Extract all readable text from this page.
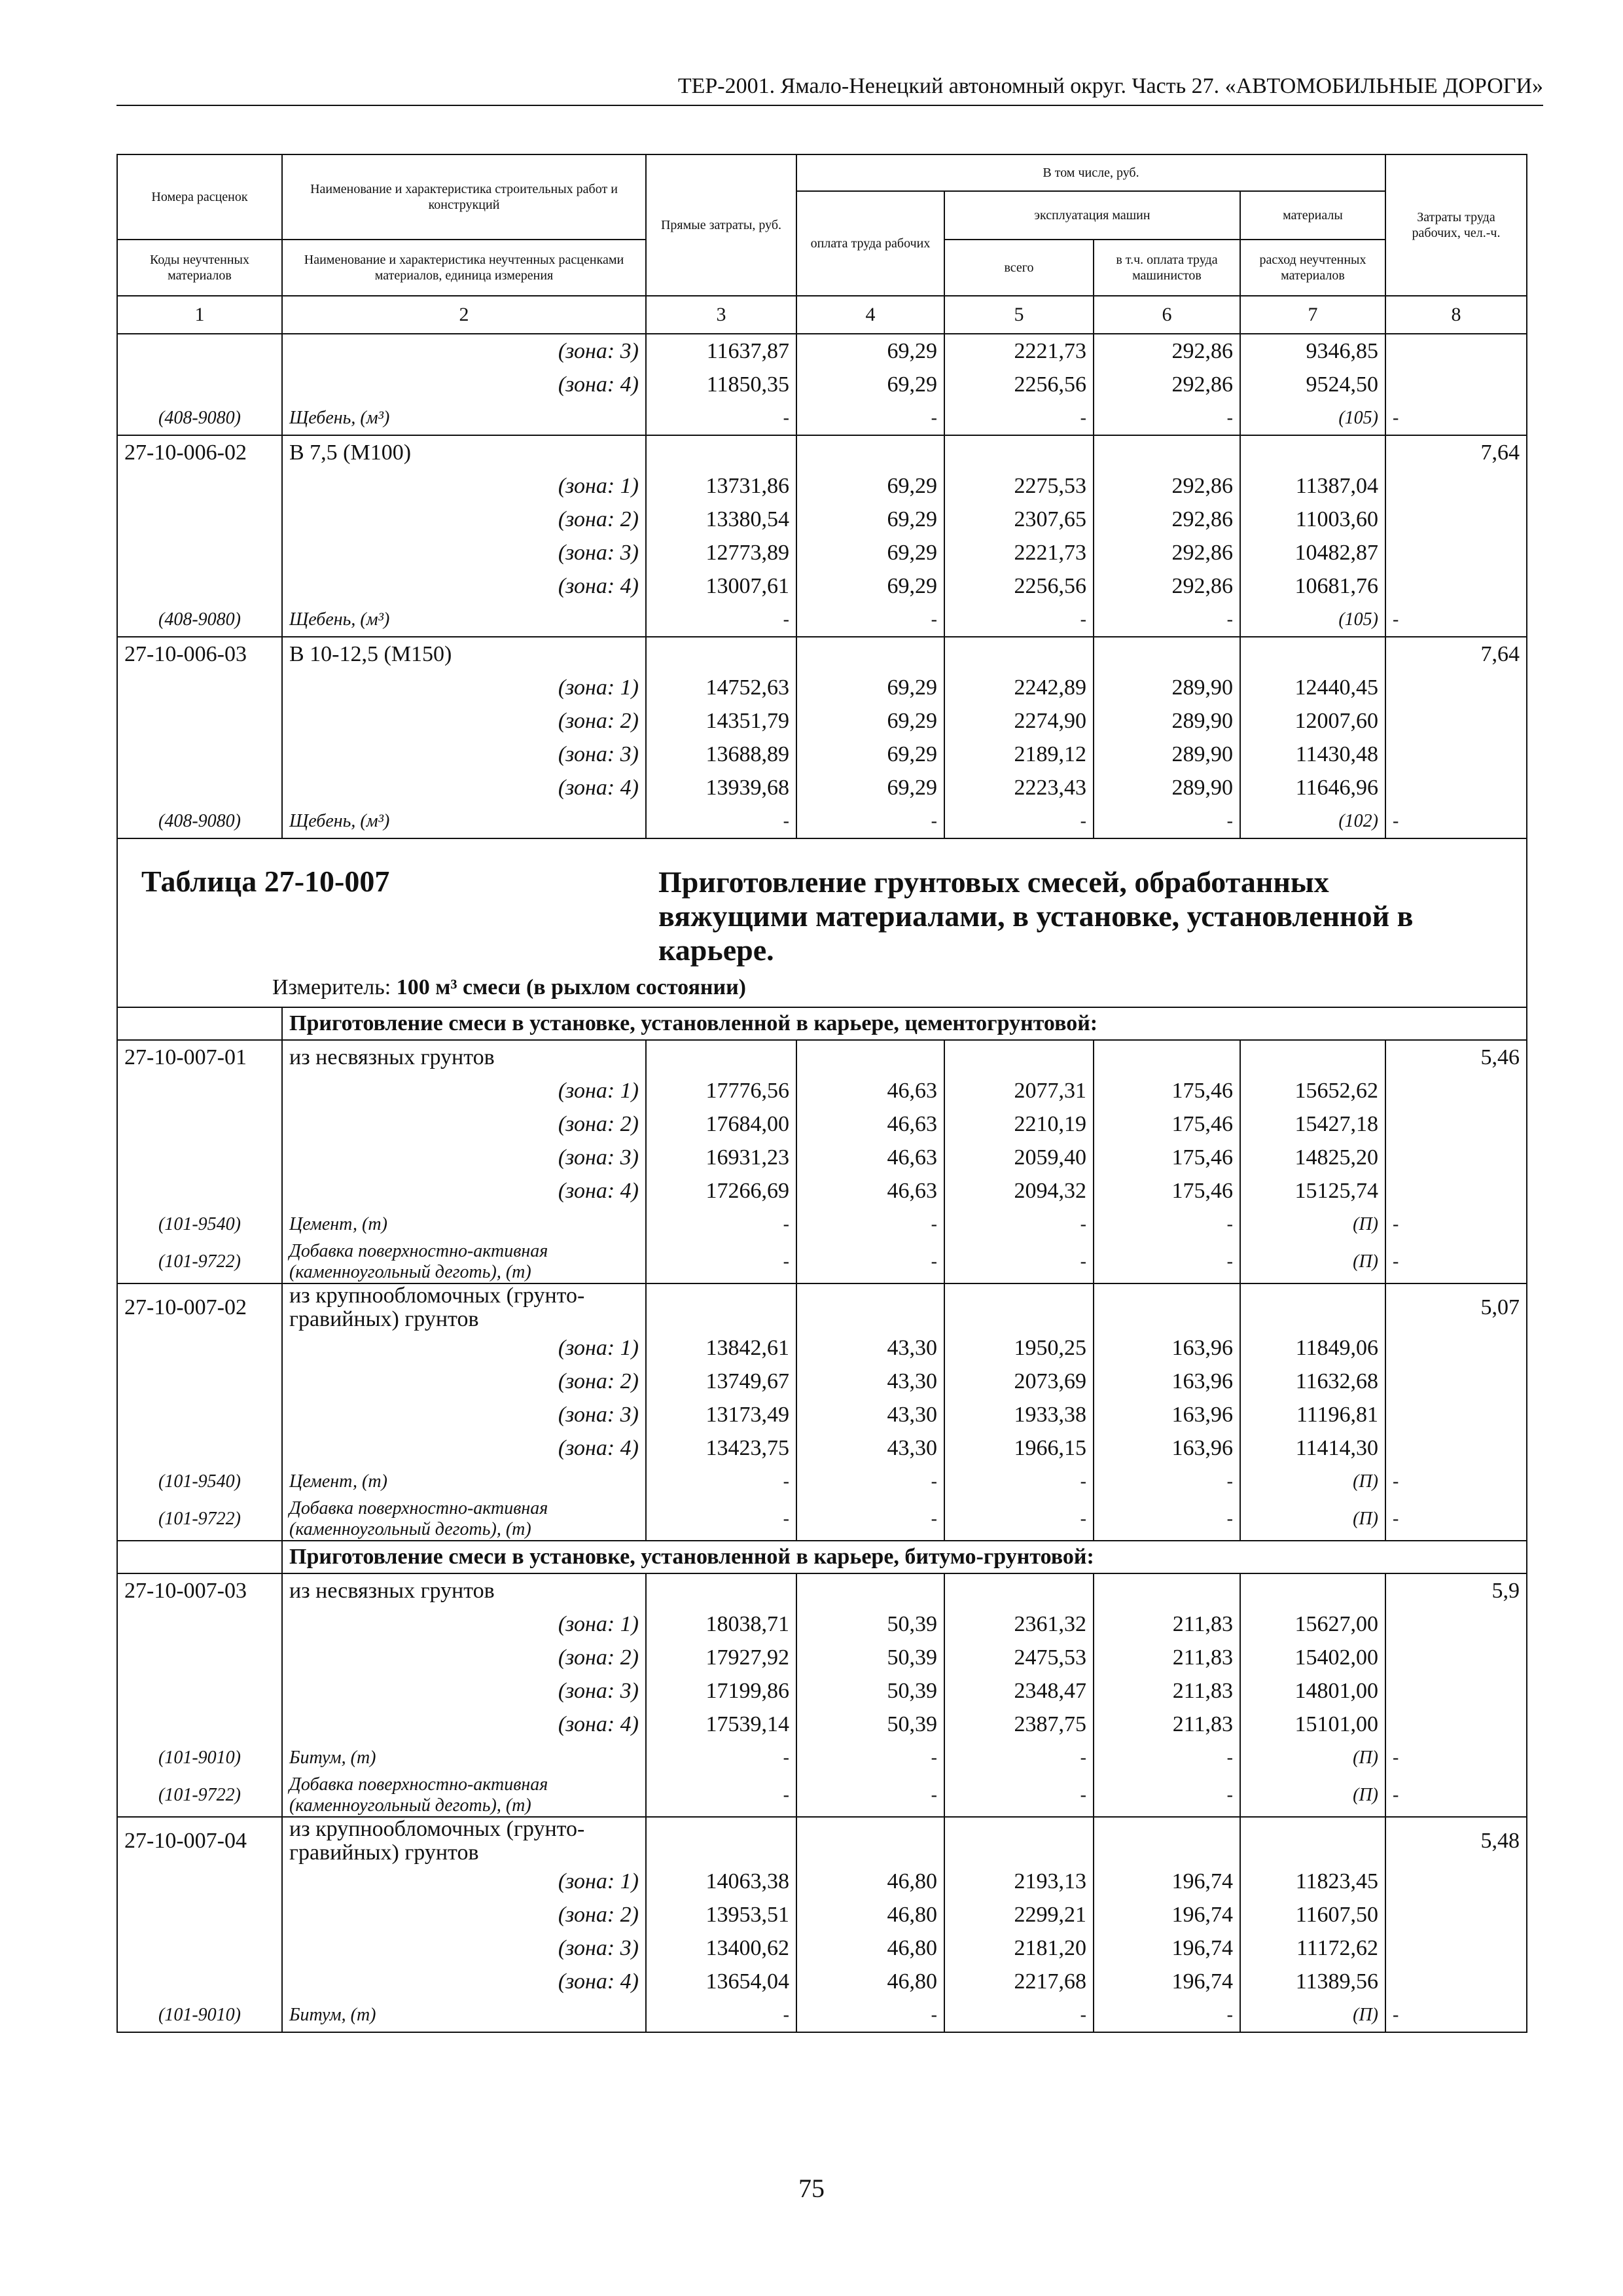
ТЕР-2001. Ямало-Ненецкий автономный округ. Часть 27. «АВТОМОБИЛЬНЫЕ ДОРОГИ»
Номера расценок	Наименование и характеристика строительных работ и конструкций	Прямые затраты, руб.	В том числе, руб.				Затраты труда рабочих, чел.-ч.
			оплата труда рабочих	эксплуатация машин		материалы	
Коды неучтенных материалов	Наименование и характеристика неучтенных расценками материалов, единица измерения			всего	в т.ч. оплата труда машинистов	расход неучтенных материалов	
1	2	3	4	5	6	7	8
	(зона: 3)	11637,87	69,29	2221,73	292,86	9346,85	
	(зона: 4)	11850,35	69,29	2256,56	292,86	9524,50	
(408-9080)	Щебень, (м³)	-	-	-	-	(105)	-
27-10-006-02	В 7,5 (М100)						7,64
	(зона: 1)	13731,86	69,29	2275,53	292,86	11387,04	
	(зона: 2)	13380,54	69,29	2307,65	292,86	11003,60	
	(зона: 3)	12773,89	69,29	2221,73	292,86	10482,87	
	(зона: 4)	13007,61	69,29	2256,56	292,86	10681,76	
(408-9080)	Щебень, (м³)	-	-	-	-	(105)	-
27-10-006-03	В 10-12,5 (М150)						7,64
	(зона: 1)	14752,63	69,29	2242,89	289,90	12440,45	
	(зона: 2)	14351,79	69,29	2274,90	289,90	12007,60	
	(зона: 3)	13688,89	69,29	2189,12	289,90	11430,48	
	(зона: 4)	13939,68	69,29	2223,43	289,90	11646,96	
(408-9080)	Щебень, (м³)	-	-	-	-	(102)	-

Таблица 27-10-007 Приготовление грунтовых смесей, обработанных вяжущими материалами, в установке, установленной в карьере.
Измеритель: 100 м³ смеси (в рыхлом состоянии)							

	Приготовление смеси в установке, установленной в карьере, цементогрунтовой:						
27-10-007-01	из несвязных грунтов						5,46
	(зона: 1)	17776,56	46,63	2077,31	175,46	15652,62	
	(зона: 2)	17684,00	46,63	2210,19	175,46	15427,18	
	(зона: 3)	16931,23	46,63	2059,40	175,46	14825,20	
	(зона: 4)	17266,69	46,63	2094,32	175,46	15125,74	
(101-9540)	Цемент, (т)	-	-	-	-	(П)	-
(101-9722)	Добавка поверхностно-активная (каменноугольный деготь), (т)	-	-	-	-	(П)	-
27-10-007-02	из крупнообломочных (грунто-гравийных) грунтов						5,07
	(зона: 1)	13842,61	43,30	1950,25	163,96	11849,06	
	(зона: 2)	13749,67	43,30	2073,69	163,96	11632,68	
	(зона: 3)	13173,49	43,30	1933,38	163,96	11196,81	
	(зона: 4)	13423,75	43,30	1966,15	163,96	11414,30	
(101-9540)	Цемент, (т)	-	-	-	-	(П)	-
(101-9722)	Добавка поверхностно-активная (каменноугольный деготь), (т)	-	-	-	-	(П)	-
	Приготовление смеси в установке, установленной в карьере, битумо-грунтовой:						
27-10-007-03	из несвязных грунтов						5,9
	(зона: 1)	18038,71	50,39	2361,32	211,83	15627,00	
	(зона: 2)	17927,92	50,39	2475,53	211,83	15402,00	
	(зона: 3)	17199,86	50,39	2348,47	211,83	14801,00	
	(зона: 4)	17539,14	50,39	2387,75	211,83	15101,00	
(101-9010)	Битум, (т)	-	-	-	-	(П)	-
(101-9722)	Добавка поверхностно-активная (каменноугольный деготь), (т)	-	-	-	-	(П)	-
27-10-007-04	из крупнообломочных (грунто-гравийных) грунтов						5,48
	(зона: 1)	14063,38	46,80	2193,13	196,74	11823,45	
	(зона: 2)	13953,51	46,80	2299,21	196,74	11607,50	
	(зона: 3)	13400,62	46,80	2181,20	196,74	11172,62	
	(зона: 4)	13654,04	46,80	2217,68	196,74	11389,56	
(101-9010)	Битум, (т)	-	-	-	-	(П)	-
75
